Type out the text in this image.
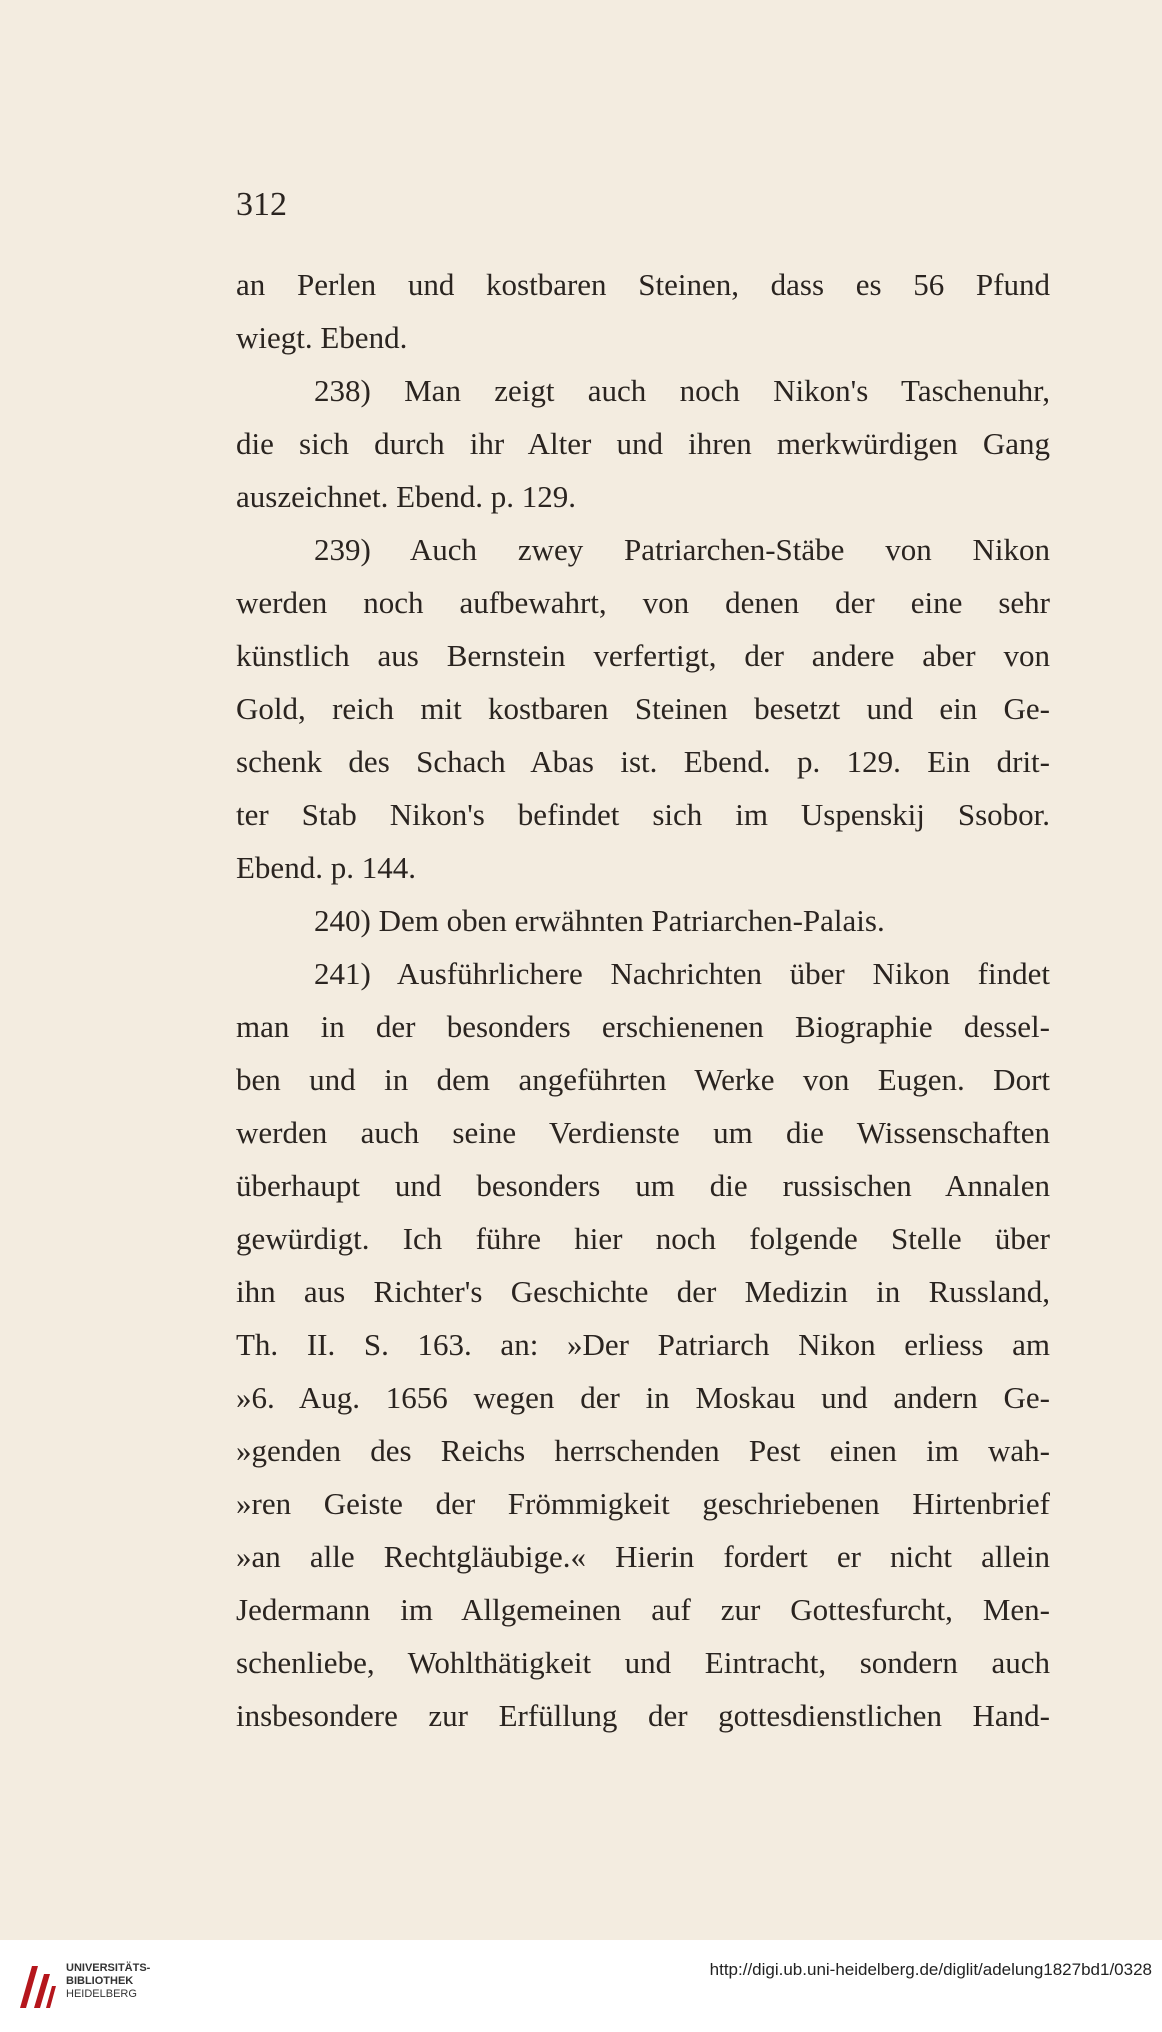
312
an Perlen und kostbaren Steinen, dass es 56 Pfund
wiegt. Ebend.
238) Man zeigt auch noch Nikon's Taschenuhr,
die sich durch ihr Alter und ihren merkwürdigen Gang
auszeichnet. Ebend. p. 129.
239) Auch zwey Patriarchen-Stäbe von Nikon
werden noch aufbewahrt, von denen der eine sehr
künstlich aus Bernstein verfertigt, der andere aber von
Gold, reich mit kostbaren Steinen besetzt und ein Ge-
schenk des Schach Abas ist. Ebend. p. 129. Ein drit-
ter Stab Nikon's befindet sich im Uspenskij Ssobor.
Ebend. p. 144.
240) Dem oben erwähnten Patriarchen-Palais.
241) Ausführlichere Nachrichten über Nikon findet
man in der besonders erschienenen Biographie dessel-
ben und in dem angeführten Werke von Eugen. Dort
werden auch seine Verdienste um die Wissenschaften
überhaupt und besonders um die russischen Annalen
gewürdigt. Ich führe hier noch folgende Stelle über
ihn aus Richter's Geschichte der Medizin in Russland,
Th. II. S. 163. an: »Der Patriarch Nikon erliess am
»6. Aug. 1656 wegen der in Moskau und andern Ge-
»genden des Reichs herrschenden Pest einen im wah-
»ren Geiste der Frömmigkeit geschriebenen Hirtenbrief
»an alle Rechtgläubige.« Hierin fordert er nicht allein
Jedermann im Allgemeinen auf zur Gottesfurcht, Men-
schenliebe, Wohlthätigkeit und Eintracht, sondern auch
insbesondere zur Erfüllung der gottesdienstlichen Hand-
UNIVERSITÄTS-
BIBLIOTHEK
HEIDELBERG
http://digi.ub.uni-heidelberg.de/diglit/adelung1827bd1/0328
